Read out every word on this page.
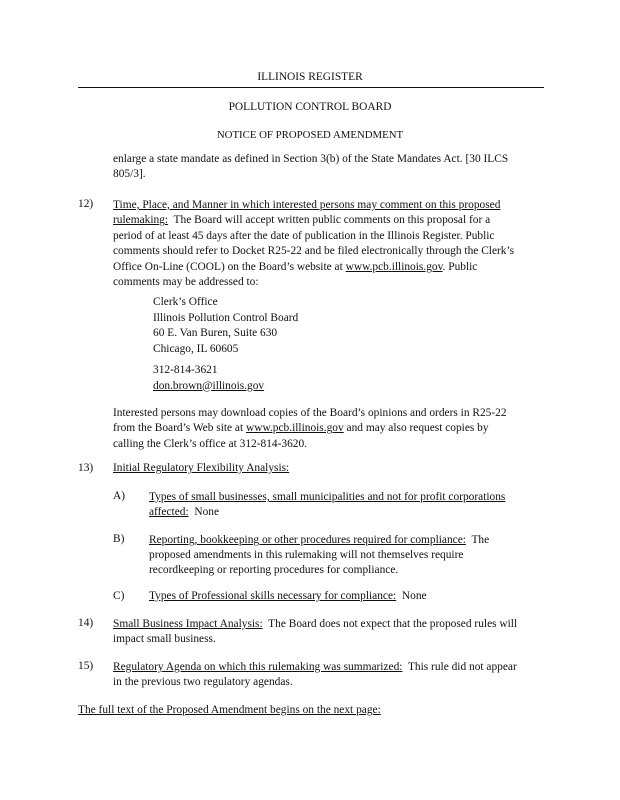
ILLINOIS REGISTER
POLLUTION CONTROL BOARD
NOTICE OF PROPOSED AMENDMENT
enlarge a state mandate as defined in Section 3(b) of the State Mandates Act. [30 ILCS
805/3].
12) Time, Place, and Manner in which interested persons may comment on this proposed
rulemaking: The Board will accept written public comments on this proposal for a
period of at least 45 days after the date of publication in the Illinois Register. Public
comments should refer to Docket R25-22 and be filed electronically through the Clerk’s
Office On-Line (COOL) on the Board’s website at www.pcb.illinois.gov. Public
comments may be addressed to:
Clerk’s Office
Illinois Pollution Control Board
60 E. Van Buren, Suite 630
Chicago, IL 60605
312-814-3621
don.brown@illinois.gov
Interested persons may download copies of the Board’s opinions and orders in R25-22
from the Board’s Web site at www.pcb.illinois.gov and may also request copies by
calling the Clerk’s office at 312-814-3620.
13) Initial Regulatory Flexibility Analysis:
A) Types of small businesses, small municipalities and not for profit corporations
affected: None
B) Reporting, bookkeeping or other procedures required for compliance: The
proposed amendments in this rulemaking will not themselves require
recordkeeping or reporting procedures for compliance.
C) Types of Professional skills necessary for compliance: None
14) Small Business Impact Analysis: The Board does not expect that the proposed rules will
impact small business.
15) Regulatory Agenda on which this rulemaking was summarized: This rule did not appear
in the previous two regulatory agendas.
The full text of the Proposed Amendment begins on the next page:
